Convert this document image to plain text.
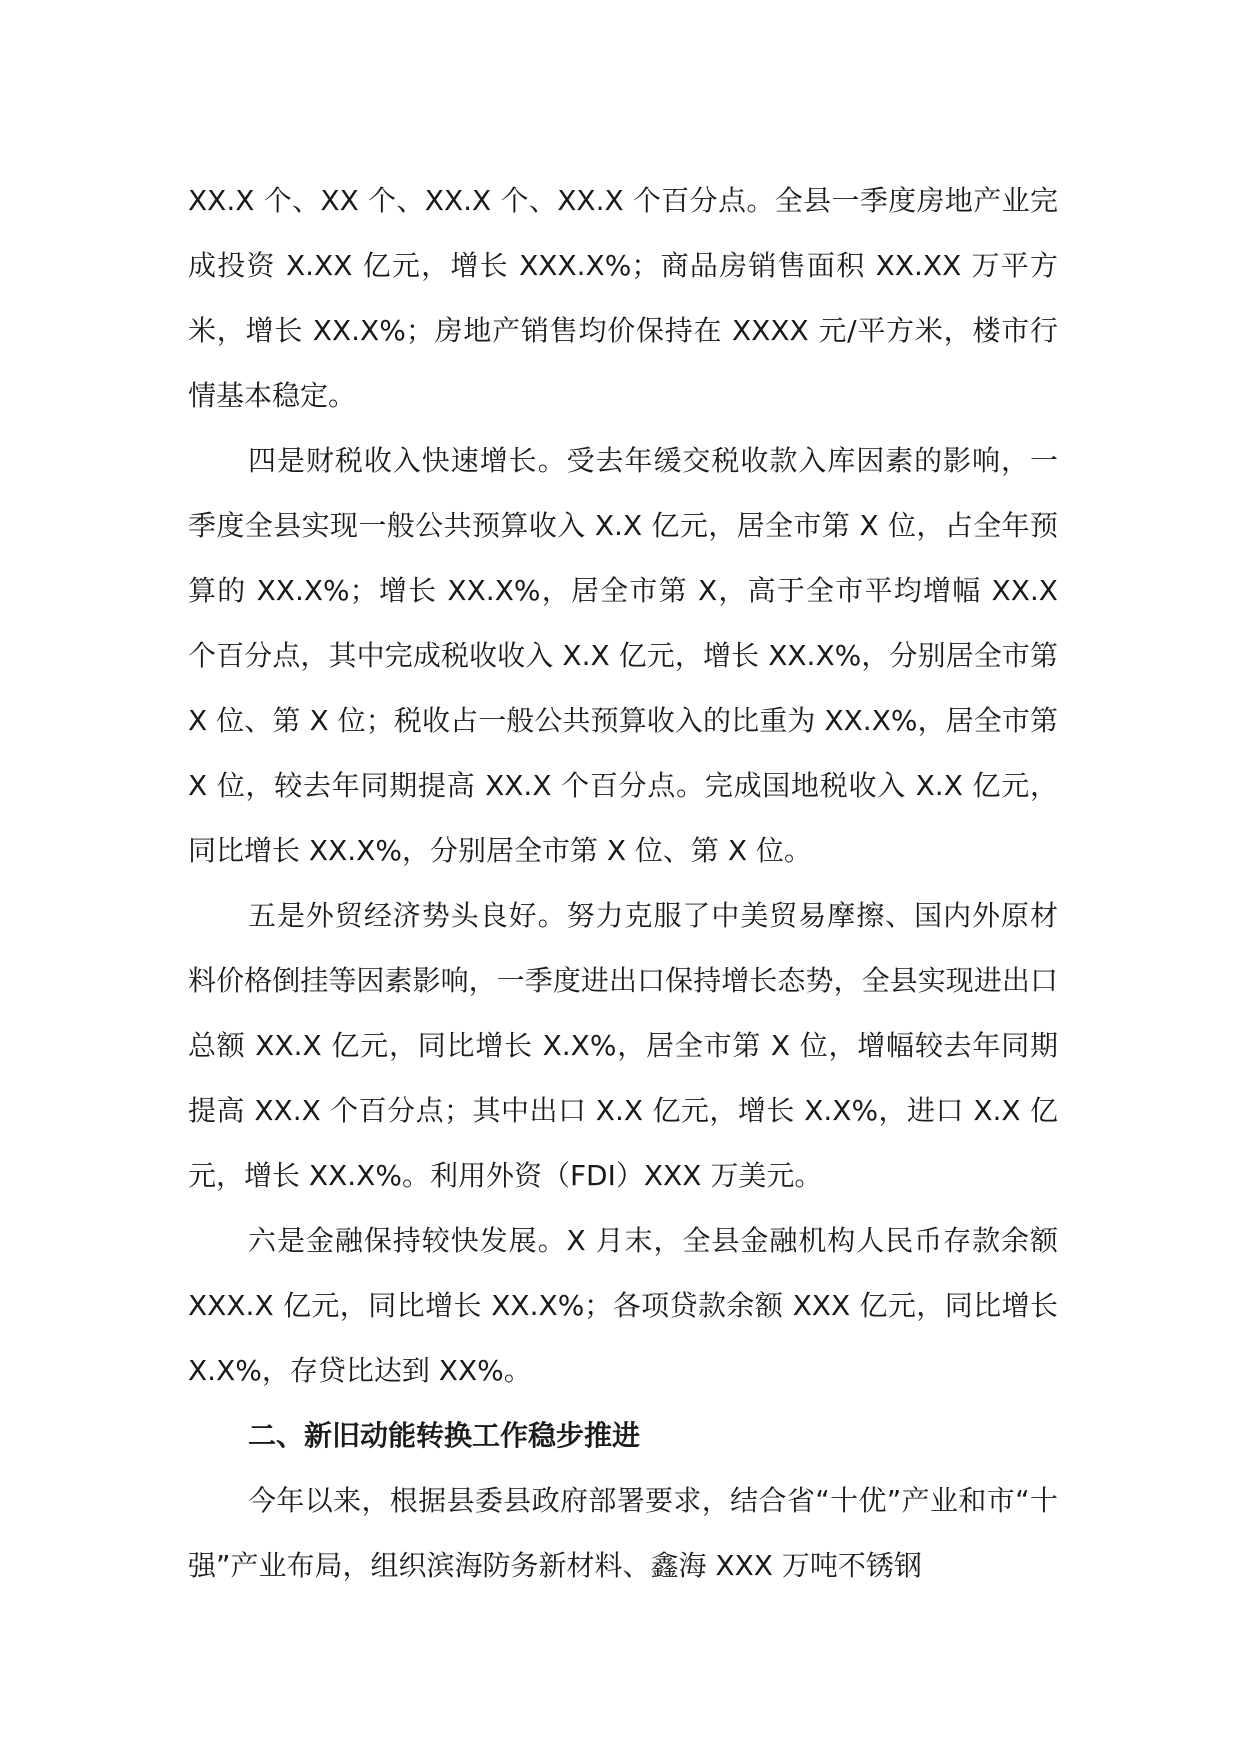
XX.X 个、XX 个、XX.X 个、XX.X 个百分点。全县一季度房地产业完成投资 X.XX 亿元，增长 XXX.X%；商品房销售面积 XX.XX 万平方米，增长 XX.X%；房地产销售均价保持在 XXXX 元/平方米，楼市行情基本稳定。

四是财税收入快速增长。受去年缓交税收款入库因素的影响，一季度全县实现一般公共预算收入 X.X 亿元，居全市第 X 位，占全年预算的 XX.X%；增长 XX.X%，居全市第 X，高于全市平均增幅 XX.X 个百分点，其中完成税收收入 X.X 亿元，增长 XX.X%，分别居全市第 X 位、第 X 位；税收占一般公共预算收入的比重为 XX.X%，居全市第 X 位，较去年同期提高 XX.X 个百分点。完成国地税收入 X.X 亿元，同比增长 XX.X%，分别居全市第 X 位、第 X 位。

五是外贸经济势头良好。努力克服了中美贸易摩擦、国内外原材料价格倒挂等因素影响，一季度进出口保持增长态势，全县实现进出口总额 XX.X 亿元，同比增长 X.X%，居全市第 X 位，增幅较去年同期提高 XX.X 个百分点；其中出口 X.X 亿元，增长 X.X%，进口 X.X 亿元，增长 XX.X%。利用外资（FDI）XXX 万美元。

六是金融保持较快发展。X 月末，全县金融机构人民币存款余额 XXX.X 亿元，同比增长 XX.X%；各项贷款余额 XXX 亿元，同比增长 X.X%，存贷比达到 XX%。

二、新旧动能转换工作稳步推进

今年以来，根据县委县政府部署要求，结合省“十优”产业和市“十强”产业布局，组织滨海防务新材料、鑫海 XXX 万吨不锈钢
